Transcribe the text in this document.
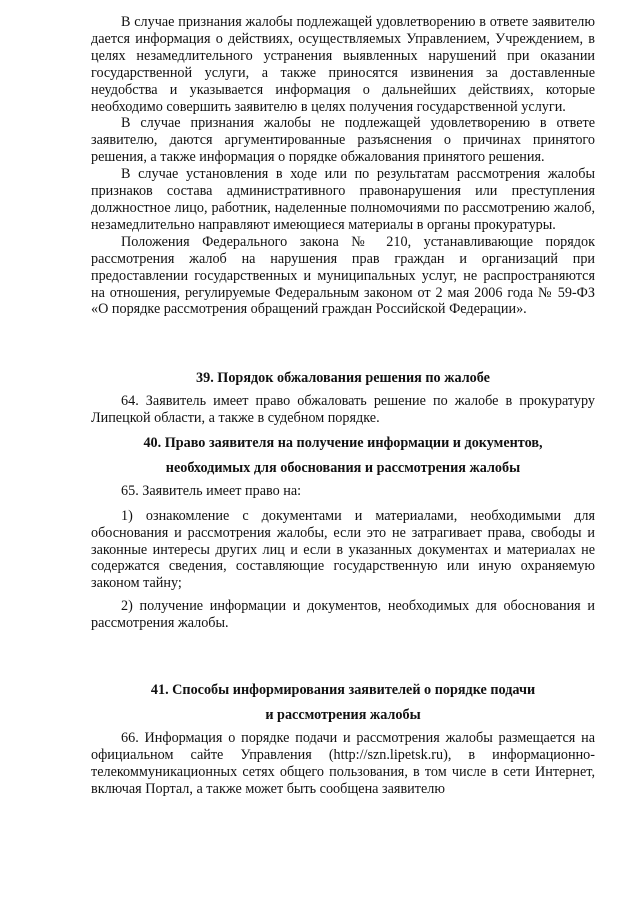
В случае признания жалобы подлежащей удовлетворению в ответе заявителю дается информация о действиях, осуществляемых Управлением, Учреждением, в целях незамедлительного устранения выявленных нарушений при оказании государственной услуги, а также приносятся извинения за доставленные неудобства и указывается информация о дальнейших действиях, которые необходимо совершить заявителю в целях получения государственной услуги.

В случае признания жалобы не подлежащей удовлетворению в ответе заявителю, даются аргументированные разъяснения о причинах принятого решения, а также информация о порядке обжалования принятого решения.

В случае установления в ходе или по результатам рассмотрения жалобы признаков состава административного правонарушения или преступления должностное лицо, работник, наделенные полномочиями по рассмотрению жалоб, незамедлительно направляют имеющиеся материалы в органы прокуратуры.

Положения Федерального закона № 210, устанавливающие порядок рассмотрения жалоб на нарушения прав граждан и организаций при предоставлении государственных и муниципальных услуг, не распространяются на отношения, регулируемые Федеральным законом от 2 мая 2006 года № 59-ФЗ «О порядке рассмотрения обращений граждан Российской Федерации».

39. Порядок обжалования решения по жалобе

64. Заявитель имеет право обжаловать решение по жалобе в прокуратуру Липецкой области, а также в судебном порядке.

40. Право заявителя на получение информации и документов,

необходимых для обоснования и рассмотрения жалобы

65. Заявитель имеет право на:

1) ознакомление с документами и материалами, необходимыми для обоснования и рассмотрения жалобы, если это не затрагивает права, свободы и законные интересы других лиц и если в указанных документах и материалах не содержатся сведения, составляющие государственную или иную охраняемую законом тайну;

2) получение информации и документов, необходимых для обоснования и рассмотрения жалобы.

41. Способы информирования заявителей о порядке подачи

и рассмотрения жалобы

66. Информация о порядке подачи и рассмотрения жалобы размещается на официальном сайте Управления (http://szn.lipetsk.ru), в информационно-телекоммуникационных сетях общего пользования, в том числе в сети Интернет, включая Портал, а также может быть сообщена заявителю
